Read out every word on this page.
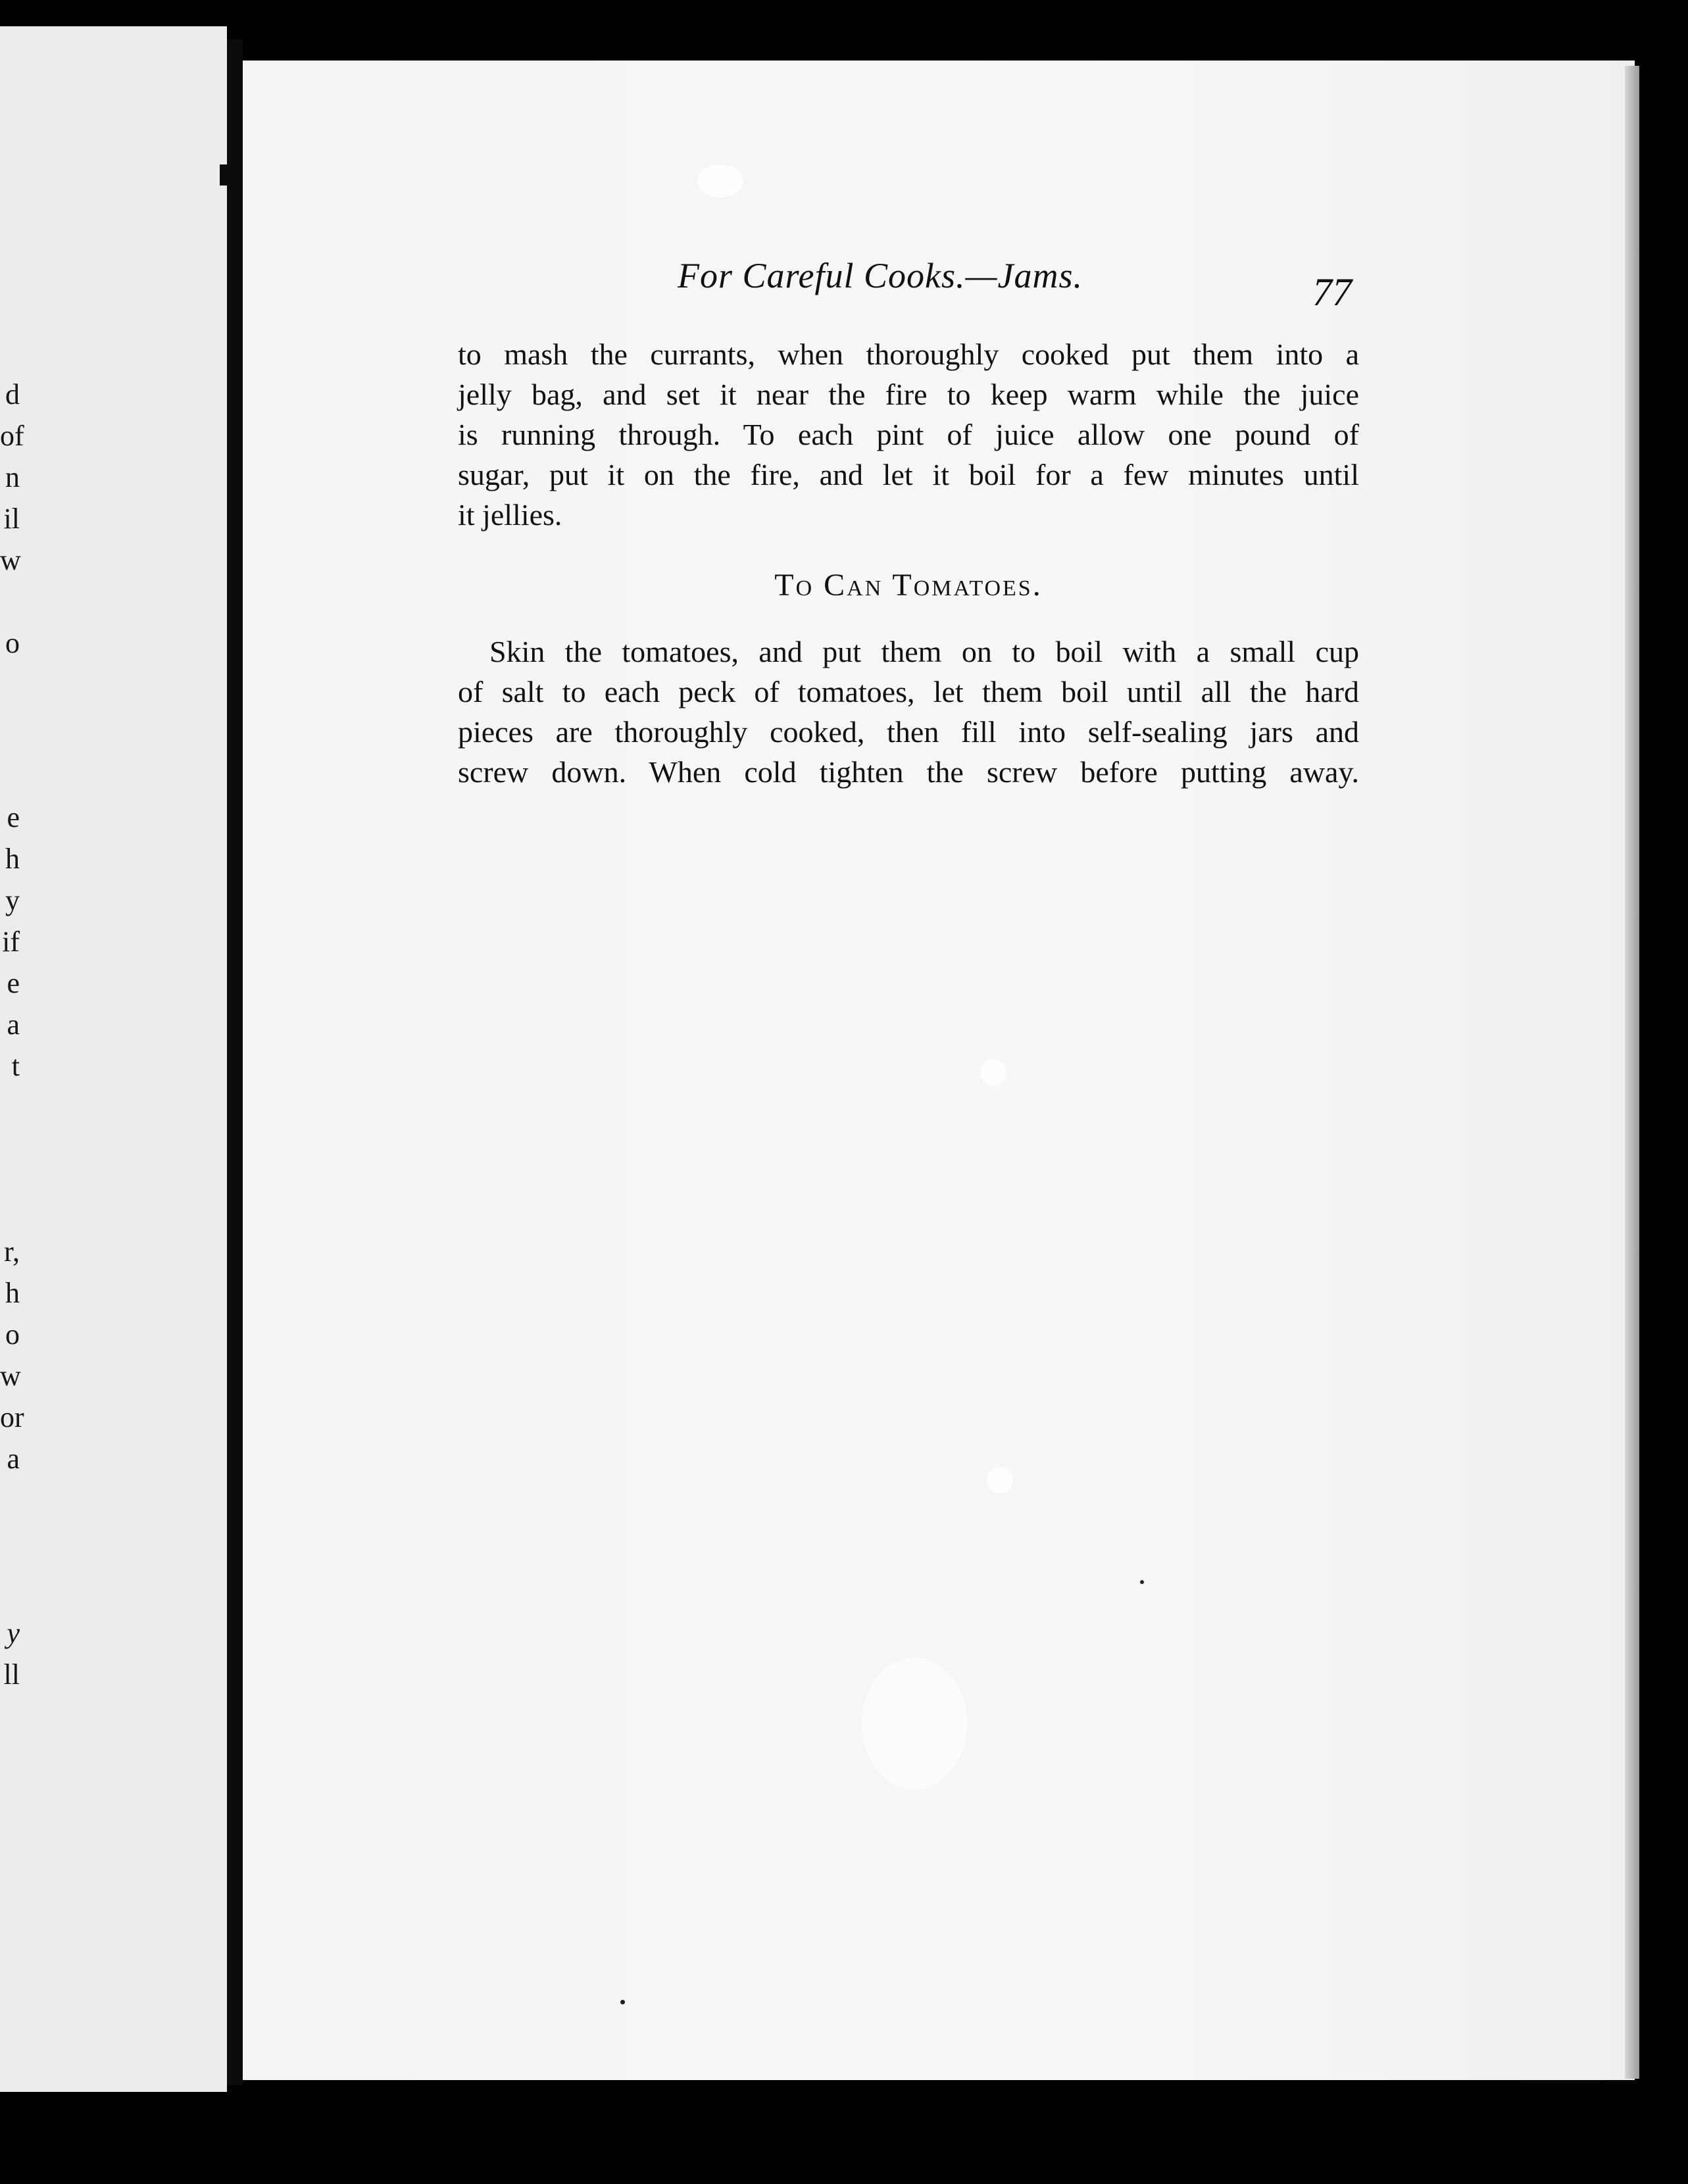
d
of
n
il
w
o
e
h
y
if
e
a
t
r,
h
o
w
or
a
y
ll
For Careful Cooks.—Jams.	77
to mash the currants, when thoroughly cooked put them into a
jelly bag, and set it near the fire to keep warm while the juice
is running through. To each pint of juice allow one pound of
sugar, put it on the fire, and let it boil for a few minutes until
it jellies.
To Can Tomatoes.
Skin the tomatoes, and put them on to boil with a small cup
of salt to each peck of tomatoes, let them boil until all the hard
pieces are thoroughly cooked, then fill into self-sealing jars and
screw down. When cold tighten the screw before putting away.
